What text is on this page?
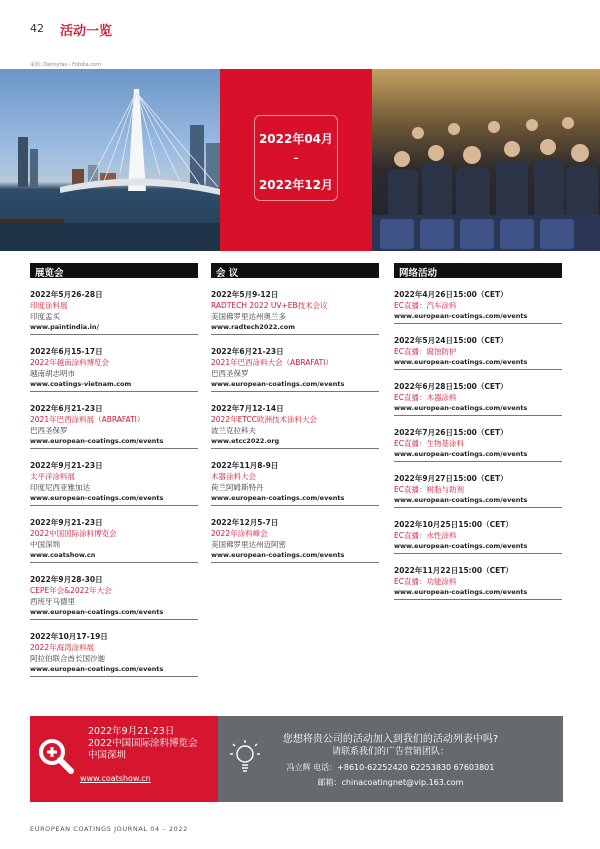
42 活动一览
来源: Dannytas - Fotolia.com
2022年04月
–
2022年12月
展览会
2022年5月26-28日
印度涂料展
印度孟买
www.paintindia.in/
2022年6月15-17日
2022年越南涂料博览会
越南胡志明市
www.coatings-vietnam.com
2022年6月21-23日
2021年巴西涂料展（ABRAFATI）
巴西圣保罗
www.european-coatings.com/events
2022年9月21-23日
太平洋涂料展
印度尼西亚雅加达
www.european-coatings.com/events
2022年9月21-23日
2022中国国际涂料博览会
中国深圳
www.coatshow.cn
2022年9月28-30日
CEPE年会&2022年大会
西班牙马德里
www.european-coatings.com/events
2022年10月17-19日
2022年海湾涂料展
阿拉伯联合酋长国沙迦
www.european-coatings.com/events
会 议
2022年5月9-12日
RADTECH 2022 UV+EB技术会议
美国佛罗里达州奥兰多
www.radtech2022.com
2022年6月21-23日
2021年巴西涂料大会（ABRAFATI）
巴西圣保罗
www.european-coatings.com/events
2022年7月12-14日
2022年ETCC欧洲技术涂料大会
波兰克拉科夫
www.etcc2022.org
2022年11月8-9日
木器涂料大会
荷兰阿姆斯特丹
www.european-coatings.com/events
2022年12月5-7日
2022年涂料峰会
美国佛罗里达州迈阿密
www.european-coatings.com/events
网络活动
2022年4月26日15:00（CET）
EC直播：汽车涂料
www.european-coatings.com/events
2022年5月24日15:00（CET）
EC直播：腐蚀防护
www.european-coatings.com/events
2022年6月28日15:00（CET）
EC直播：木器涂料
www.european-coatings.com/events
2022年7月26日15:00（CET）
EC直播：生物基涂料
www.european-coatings.com/events
2022年9月27日15:00（CET）
EC直播：树脂与助剂
www.european-coatings.com/events
2022年10月25日15:00（CET）
EC直播：水性涂料
www.european-coatings.com/events
2022年11月22日15:00（CET）
EC直播：功能涂料
www.european-coatings.com/events
2022年9月21-23日
2022中国国际涂料博览会
中国深圳
www.coatshow.cn
您想将贵公司的活动加入到我们的活动列表中吗?
请联系我们的广告营销团队：
冯立辉 电话：+8610-62252420 62253830 67603801
邮箱：chinacoatingnet@vip.163.com
EUROPEAN COATINGS JOURNAL 04 – 2022
